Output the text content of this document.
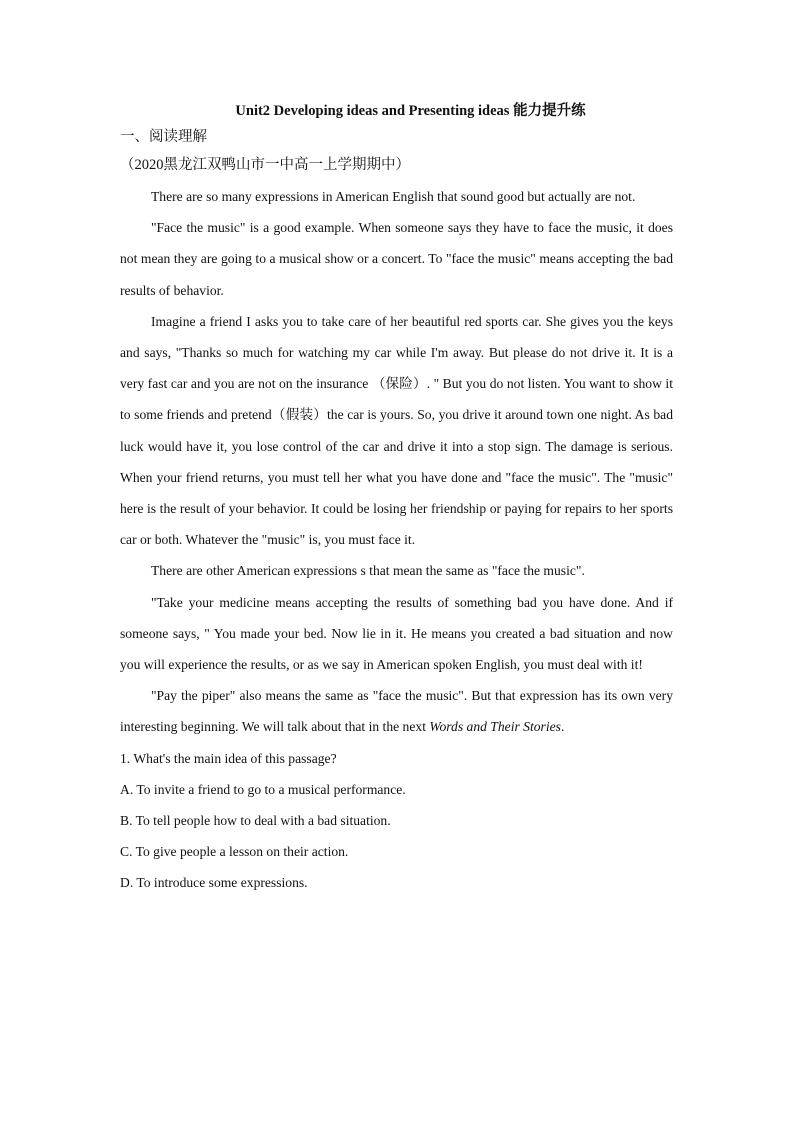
Unit2 Developing ideas and Presenting ideas 能力提升练
一、阅读理解
（2020黑龙江双鸭山市一中高一上学期期中）

There are so many expressions in American English that sound good but actually are not.

"Face the music" is a good example. When someone says they have to face the music, it does not mean they are going to a musical show or a concert. To "face the music" means accepting the bad results of behavior.

Imagine a friend I asks you to take care of her beautiful red sports car. She gives you the keys and says, "Thanks so much for watching my car while I'm away. But please do not drive it. It is a very fast car and you are not on the insurance （保险）. " But you do not listen. You want to show it to some friends and pretend（假装）the car is yours. So, you drive it around town one night. As bad luck would have it, you lose control of the car and drive it into a stop sign. The damage is serious. When your friend returns, you must tell her what you have done and "face the music". The "music" here is the result of your behavior. It could be losing her friendship or paying for repairs to her sports car or both. Whatever the "music" is, you must face it.

There are other American expressions s that mean the same as "face the music".

"Take your medicine means accepting the results of something bad you have done. And if someone says, " You made your bed. Now lie in it. He means you created a bad situation and now you will experience the results, or as we say in American spoken English, you must deal with it!

"Pay the piper" also means the same as "face the music". But that expression has its own very interesting beginning. We will talk about that in the next Words and Their Stories.

1. What's the main idea of this passage?

A. To invite a friend to go to a musical performance.

B. To tell people how to deal with a bad situation.

C. To give people a lesson on their action.

D. To introduce some expressions.
